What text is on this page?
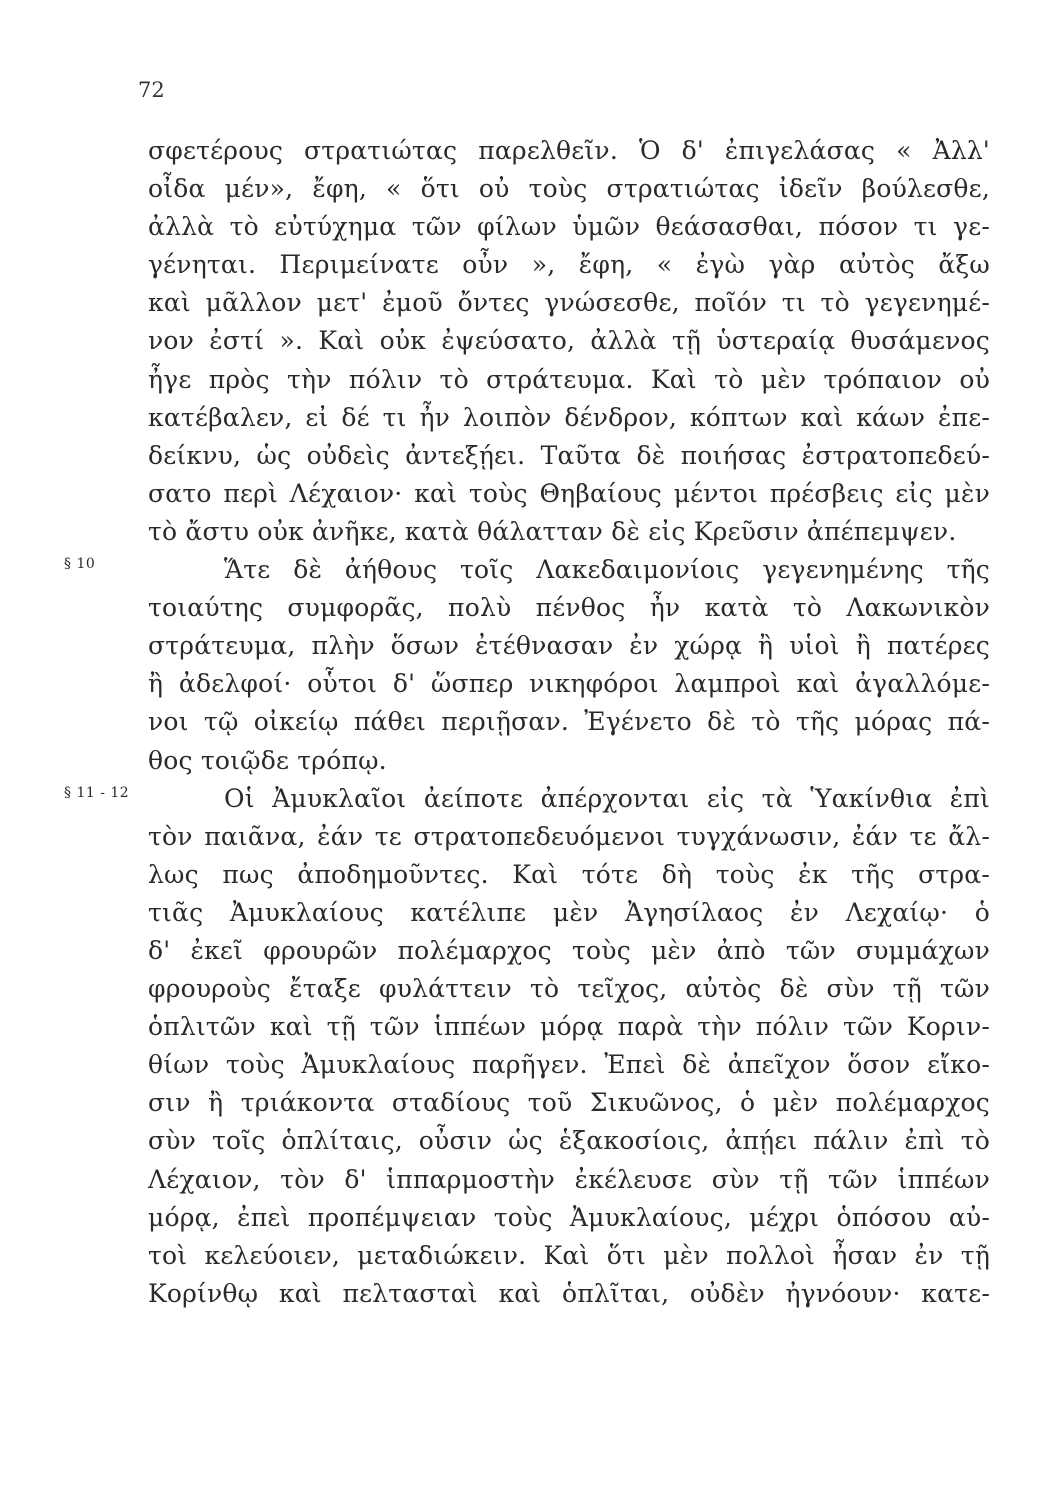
72
σφετέρους στρατιώτας παρελθεῖν. Ὁ δ' ἐπιγελάσας « Ἀλλ'
οἶδα μέν», ἔφη, « ὅτι οὐ τοὺς στρατιώτας ἰδεῖν βούλεσθε,
ἀλλὰ τὸ εὐτύχημα τῶν φίλων ὑμῶν θεάσασθαι, πόσον τι γε-
γένηται. Περιμείνατε οὖν », ἔφη, « ἐγὼ γὰρ αὐτὸς ἄξω
καὶ μᾶλλον μετ' ἐμοῦ ὄντες γνώσεσθε, ποῖόν τι τὸ γεγενημέ-
νον ἐστί ». Καὶ οὐκ ἐψεύσατο, ἀλλὰ τῇ ὑστεραίᾳ θυσάμενος
ἦγε πρὸς τὴν πόλιν τὸ στράτευμα. Καὶ τὸ μὲν τρόπαιον οὐ
κατέβαλεν, εἰ δέ τι ἦν λοιπὸν δένδρον, κόπτων καὶ κάων ἐπε-
δείκνυ, ὡς οὐδεὶς ἀντεξῄει. Ταῦτα δὲ ποιήσας ἐστρατοπεδεύ-
σατο περὶ Λέχαιον· καὶ τοὺς Θηβαίους μέντοι πρέσβεις εἰς μὲν
τὸ ἄστυ οὐκ ἀνῆκε, κατὰ θάλατταν δὲ εἰς Κρεῦσιν ἀπέπεμψεν.
Ἅτε δὲ ἀήθους τοῖς Λακεδαιμονίοις γεγενημένης τῆς
§ 10
τοιαύτης συμφορᾶς, πολὺ πένθος ἦν κατὰ τὸ Λακωνικὸν
στράτευμα, πλὴν ὅσων ἐτέθνασαν ἐν χώρᾳ ἢ υἱοὶ ἢ πατέρες
ἢ ἀδελφοί· οὗτοι δ' ὥσπερ νικηφόροι λαμπροὶ καὶ ἀγαλλόμε-
νοι τῷ οἰκείῳ πάθει περιῇσαν. Ἐγένετο δὲ τὸ τῆς μόρας πά-
θος τοιῷδε τρόπῳ.
Οἱ Ἀμυκλαῖοι ἀείποτε ἀπέρχονται εἰς τὰ Ὑακίνθια ἐπὶ
§ 11 - 12
τὸν παιᾶνα, ἐάν τε στρατοπεδευόμενοι τυγχάνωσιν, ἐάν τε ἄλ-
λως πως ἀποδημοῦντες. Καὶ τότε δὴ τοὺς ἐκ τῆς στρα-
τιᾶς Ἀμυκλαίους κατέλιπε μὲν Ἀγησίλαος ἐν Λεχαίῳ· ὁ
δ' ἐκεῖ φρουρῶν πολέμαρχος τοὺς μὲν ἀπὸ τῶν συμμάχων
φρουροὺς ἔταξε φυλάττειν τὸ τεῖχος, αὐτὸς δὲ σὺν τῇ τῶν
ὁπλιτῶν καὶ τῇ τῶν ἱππέων μόρᾳ παρὰ τὴν πόλιν τῶν Κοριν-
θίων τοὺς Ἀμυκλαίους παρῆγεν. Ἐπεὶ δὲ ἀπεῖχον ὅσον εἴκο-
σιν ἢ τριάκοντα σταδίους τοῦ Σικυῶνος, ὁ μὲν πολέμαρχος
σὺν τοῖς ὁπλίταις, οὖσιν ὡς ἑξακοσίοις, ἀπῄει πάλιν ἐπὶ τὸ
Λέχαιον, τὸν δ' ἱππαρμοστὴν ἐκέλευσε σὺν τῇ τῶν ἱππέων
μόρᾳ, ἐπεὶ προπέμψειαν τοὺς Ἀμυκλαίους, μέχρι ὁπόσου αὐ-
τοὶ κελεύοιεν, μεταδιώκειν. Καὶ ὅτι μὲν πολλοὶ ἦσαν ἐν τῇ
Κορίνθῳ καὶ πελτασταὶ καὶ ὁπλῖται, οὐδὲν ἠγνόουν· κατε-
